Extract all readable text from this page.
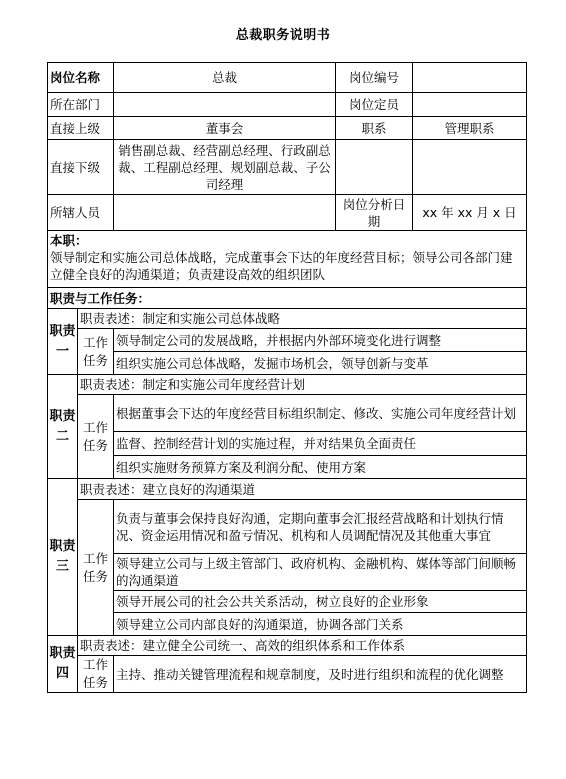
总裁职务说明书
岗位名称		总裁	岗位编号	
所在部门			岗位定员	
直接上级		董事会	职系	管理职系
直接下级		销售副总裁、经营副总经理、行政副总裁、工程副总经理、规划副总裁、子公司经理		
所辖人员			岗位分析日期	xx 年 xx 月 x 日
本职：
领导制定和实施公司总体战略，完成董事会下达的年度经营目标；领导公司各部门建立健全良好的沟通渠道；负责建设高效的组织团队				
职责与工作任务：				
职责一	职责表述：制定和实施公司总体战略			
	工作任务	领导制定公司的发展战略，并根据内外部环境变化进行调整		
		组织实施公司总体战略，发掘市场机会，领导创新与变革		
职责二	职责表述：制定和实施公司年度经营计划			
	工作任务	根据董事会下达的年度经营目标组织制定、修改、实施公司年度经营计划		
		监督、控制经营计划的实施过程，并对结果负全面责任		
		组织实施财务预算方案及利润分配、使用方案		
职责三	职责表述：建立良好的沟通渠道			
	工作任务	负责与董事会保持良好沟通，定期向董事会汇报经营战略和计划执行情况、资金运用情况和盈亏情况、机构和人员调配情况及其他重大事宜		
		领导建立公司与上级主管部门、政府机构、金融机构、媒体等部门间顺畅的沟通渠道		
		领导开展公司的社会公共关系活动，树立良好的企业形象		
		领导建立公司内部良好的沟通渠道，协调各部门关系		
职责四	职责表述：建立健全公司统一、高效的组织体系和工作体系			
	工作任务	主持、推动关键管理流程和规章制度，及时进行组织和流程的优化调整		
